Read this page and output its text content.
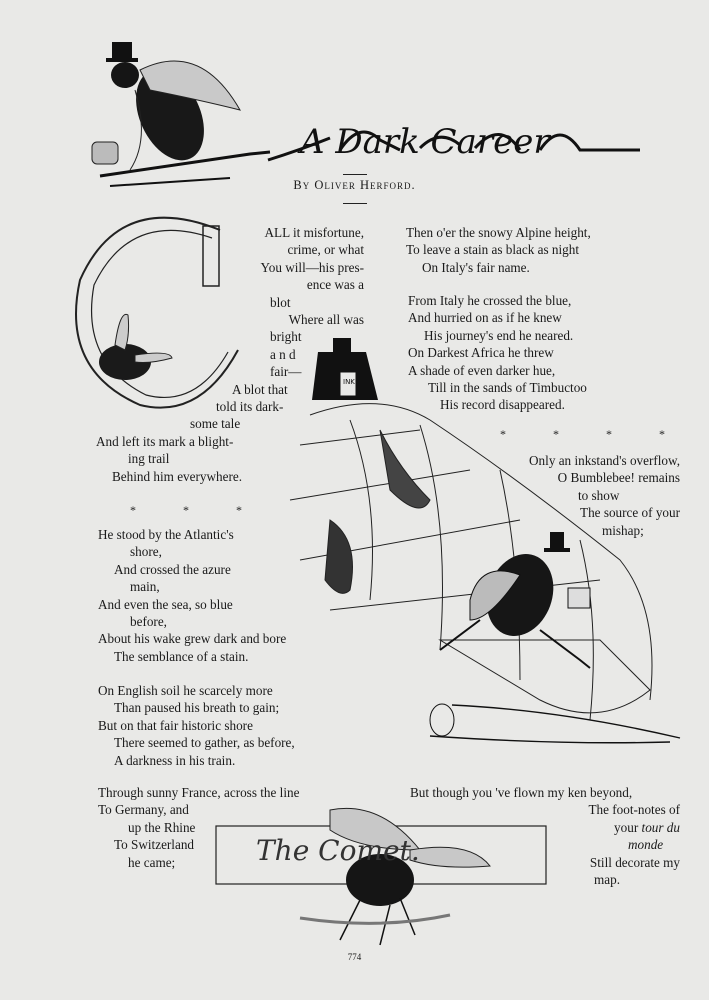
A Dark Career
The Comet.
INK
By Oliver Herford.
ALL it misfortune,
crime, or what
You will—his pres-
ence was a
blot
Where all was
bright
a n d
fair—
A blot that
told its dark-
some tale
And left its mark a blight-
ing trail
Behind him everywhere.
* * *
He stood by the Atlantic's
shore,
And crossed the azure
main,
And even the sea, so blue
before,
About his wake grew dark and bore
The semblance of a stain.
On English soil he scarcely more
Than paused his breath to gain;
But on that fair historic shore
There seemed to gather, as before,
A darkness in his train.
Through sunny France, across the line
To Germany, and
up the Rhine
To Switzerland
he came;
Then o'er the snowy Alpine height,
To leave a stain as black as night
On Italy's fair name.
From Italy he crossed the blue,
And hurried on as if he knew
His journey's end he neared.
On Darkest Africa he threw
A shade of even darker hue,
Till in the sands of Timbuctoo
His record disappeared.
* * * *
Only an inkstand's overflow,
O Bumblebee! remains
to show
The source of your
mishap;
But though you 've flown my ken beyond,
The foot-notes of
your tour du
monde
Still decorate my
map.
774
